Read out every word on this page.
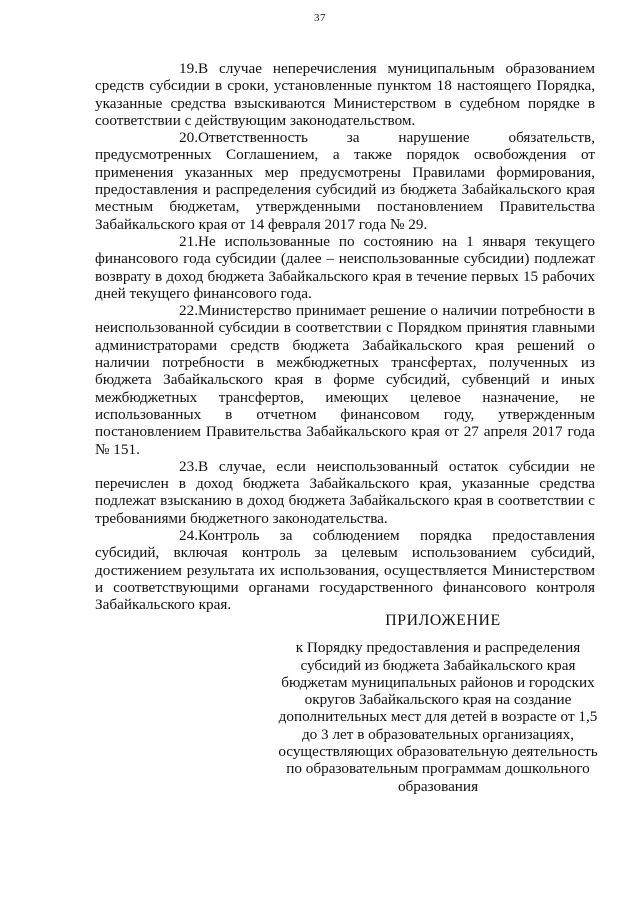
37

19.В случае неперечисления муниципальным образованием средств субсидии в сроки, установленные пунктом 18 настоящего Порядка, указанные средства взыскиваются Министерством в судебном порядке в соответствии с действующим законодательством.

20.Ответственность за нарушение обязательств, предусмотренных Соглашением, а также порядок освобождения от применения указанных мер предусмотрены Правилами формирования, предоставления и распределения субсидий из бюджета Забайкальского края местным бюджетам, утвержденными постановлением Правительства Забайкальского края от 14 февраля 2017 года № 29.

21.Не использованные по состоянию на 1 января текущего финансового года субсидии (далее – неиспользованные субсидии) подлежат возврату в доход бюджета Забайкальского края в течение первых 15 рабочих дней текущего финансового года.

22.Министерство принимает решение о наличии потребности в неиспользованной субсидии в соответствии с Порядком принятия главными администраторами средств бюджета Забайкальского края решений о наличии потребности в межбюджетных трансфертах, полученных из бюджета Забайкальского края в форме субсидий, субвенций и иных межбюджетных трансфертов, имеющих целевое назначение, не использованных в отчетном финансовом году, утвержденным постановлением Правительства Забайкальского края от 27 апреля 2017 года № 151.

23.В случае, если неиспользованный остаток субсидии не перечислен в доход бюджета Забайкальского края, указанные средства подлежат взысканию в доход бюджета Забайкальского края в соответствии с требованиями бюджетного законодательства.

24.Контроль за соблюдением порядка предоставления субсидий, включая контроль за целевым использованием субсидий, достижением результата их использования, осуществляется Министерством и соответствующими органами государственного финансового контроля Забайкальского края.

ПРИЛОЖЕНИЕ

к Порядку предоставления и распределения
субсидий из бюджета Забайкальского края
бюджетам муниципальных районов и городских
округов Забайкальского края на создание
дополнительных мест для детей в возрасте от 1,5
до 3 лет в образовательных организациях,
осуществляющих образовательную деятельность
по образовательным программам дошкольного
образования
